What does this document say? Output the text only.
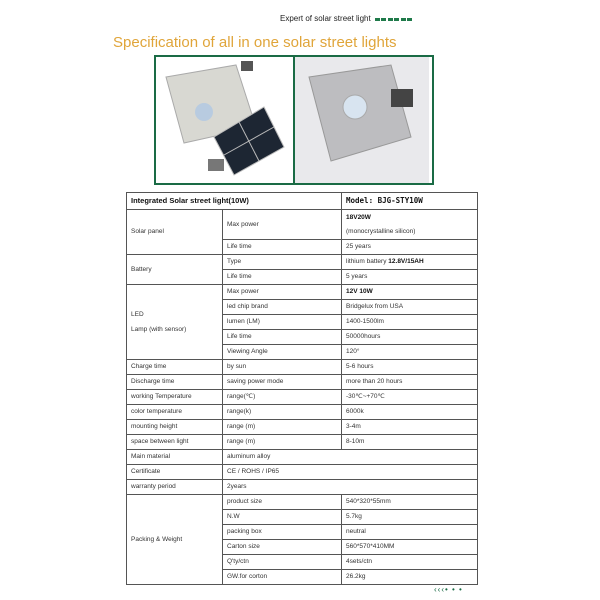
Expert of solar street light
Specification of all in one solar street lights
Integrated Solar street light(10W)		Model: BJG-STY10W
Solar panel	Max power	18V20W
(monocrystalline silicon)
	Life time	25 years
Battery	Type	lithium battery 12.8V/15AH
	Life time	5 years
LED
Lamp (with sensor)	Max power	12V 10W
	led chip brand	Bridgelux from USA
	lumen (LM)	1400-1500lm
	Life time	50000hours
	Viewing Angle	120°
Charge time	by sun	5-6 hours
Discharge time	saving power mode	more than 20 hours
working Temperature	range(℃)	-30℃~+70℃
color temperature	range(k)	6000k
mounting height	range (m)	3-4m
space between light	range (m)	8-10m
Main material	aluminum alloy	
Certificate	CE / ROHS / IP65	
warranty period	2years	
Packing & Weight	product size	540*320*55mm
	N.W	5.7kg
	packing box	neutral
	Carton size	560*570*410MM
	Q'ty/ctn	4sets/ctn
	GW.for corton	26.2kg
‹‹‹• • •
